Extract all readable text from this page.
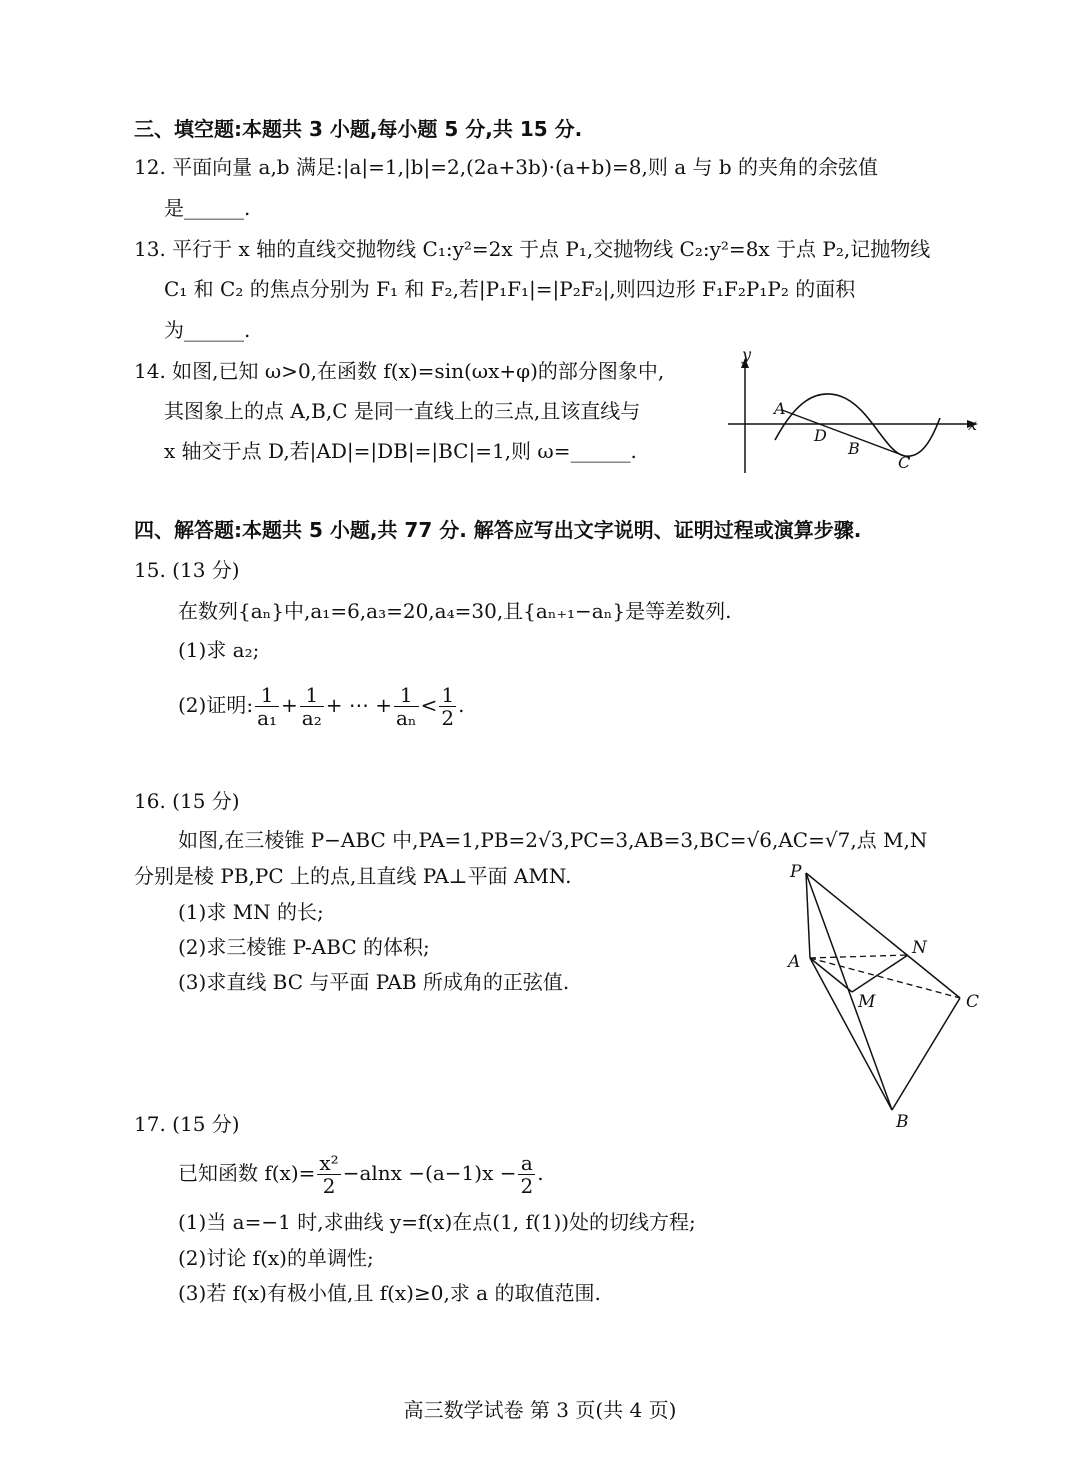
三、填空题:本题共 3 小题,每小题 5 分,共 15 分.
12. 平面向量 a,b 满足:|a|=1,|b|=2,(2a+3b)·(a+b)=8,则 a 与 b 的夹角的余弦值
是______.
13. 平行于 x 轴的直线交抛物线 C₁:y²=2x 于点 P₁,交抛物线 C₂:y²=8x 于点 P₂,记抛物线
C₁ 和 C₂ 的焦点分别为 F₁ 和 F₂,若|P₁F₁|=|P₂F₂|,则四边形 F₁F₂P₁P₂ 的面积
为______.
14. 如图,已知 ω>0,在函数 f(x)=sin(ωx+φ)的部分图象中,
其图象上的点 A,B,C 是同一直线上的三点,且该直线与
x 轴交于点 D,若|AD|=|DB|=|BC|=1,则 ω=______.
y
x
A
D
B
C
四、解答题:本题共 5 小题,共 77 分. 解答应写出文字说明、证明过程或演算步骤.
15. (13 分)
在数列{aₙ}中,a₁=6,a₃=20,a₄=30,且{aₙ₊₁−aₙ}是等差数列.
(1)求 a₂;
(2)证明: $\frac{1}{\text{a₁}} + \frac{1}{\text{a₂}}$ + ⋯ + $\frac{1}{\text{aₙ}} < \frac{1}{2}$ .
16. (15 分)
如图,在三棱锥 P−ABC 中,PA=1,PB=2√3,PC=3,AB=3,BC=√6,AC=√7,点 M,N
分别是棱 PB,PC 上的点,且直线 PA⊥平面 AMN.
(1)求 MN 的长;
(2)求三棱锥 P-ABC 的体积;
(3)求直线 BC 与平面 PAB 所成角的正弦值.
P
A
N
M	C
B
17. (15 分)
已知函数 $f(x)= \frac{\text{x²}}{2} -alnx -(a-1)x - \frac{a}{2}$ .
(1)当 a=−1 时,求曲线 y=f(x)在点(1, f(1))处的切线方程;
(2)讨论 f(x)的单调性;
(3)若 f(x)有极小值,且 f(x)≥0,求 a 的取值范围.
高三数学试卷 第 3 页(共 4 页)
